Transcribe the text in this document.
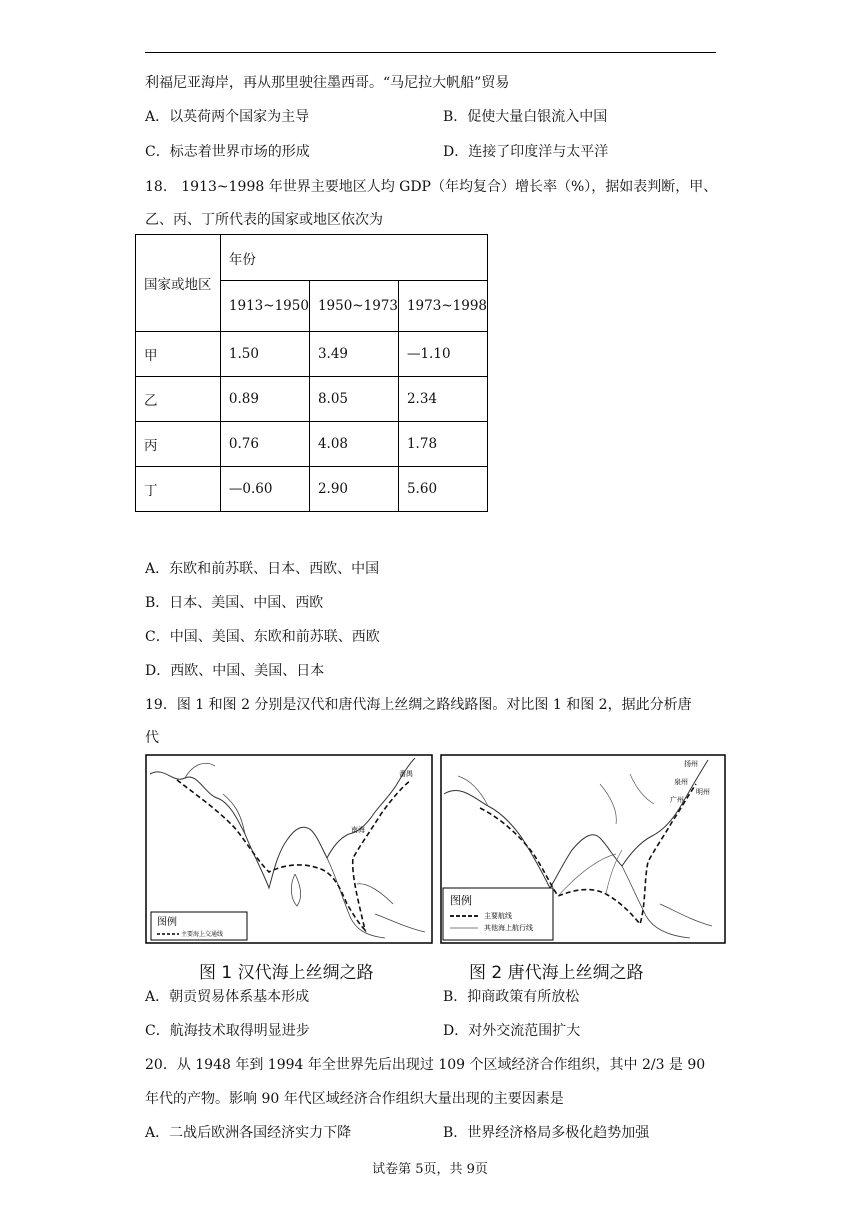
利福尼亚海岸，再从那里驶往墨西哥。“马尼拉大帆船”贸易
A．以英荷两个国家为主导	B．促使大量白银流入中国
C．标志着世界市场的形成	D．连接了印度洋与太平洋
18.　1913~1998 年世界主要地区人均 GDP（年均复合）增长率（%），据如表判断，甲、
乙、丙、丁所代表的国家或地区依次为
国家或地区	年份		
	1913~1950	1950~1973	1973~1998
甲	1.50	3.49	—1.10
乙	0.89	8.05	2.34
丙	0.76	4.08	1.78
丁	—0.60	2.90	5.60
A．东欧和前苏联、日本、西欧、中国
B．日本、美国、中国、西欧
C．中国、美国、东欧和前苏联、西欧
D．西欧、中国、美国、日本
19．图 1 和图 2 分别是汉代和唐代海上丝绸之路线路图。对比图 1 和图 2，据此分析唐
代
图例
主要海上交通线
番禺
南海
图例
主要航线
其他海上航行线
扬州
泉州
明州
广州
图 1 汉代海上丝绸之路	图 2 唐代海上丝绸之路
A．朝贡贸易体系基本形成	B．抑商政策有所放松
C．航海技术取得明显进步	D．对外交流范围扩大
20．从 1948 年到 1994 年全世界先后出现过 109 个区域经济合作组织，其中 2/3 是 90
年代的产物。影响 90 年代区域经济合作组织大量出现的主要因素是
A．二战后欧洲各国经济实力下降	B．世界经济格局多极化趋势加强
试卷第 5页，共 9页
